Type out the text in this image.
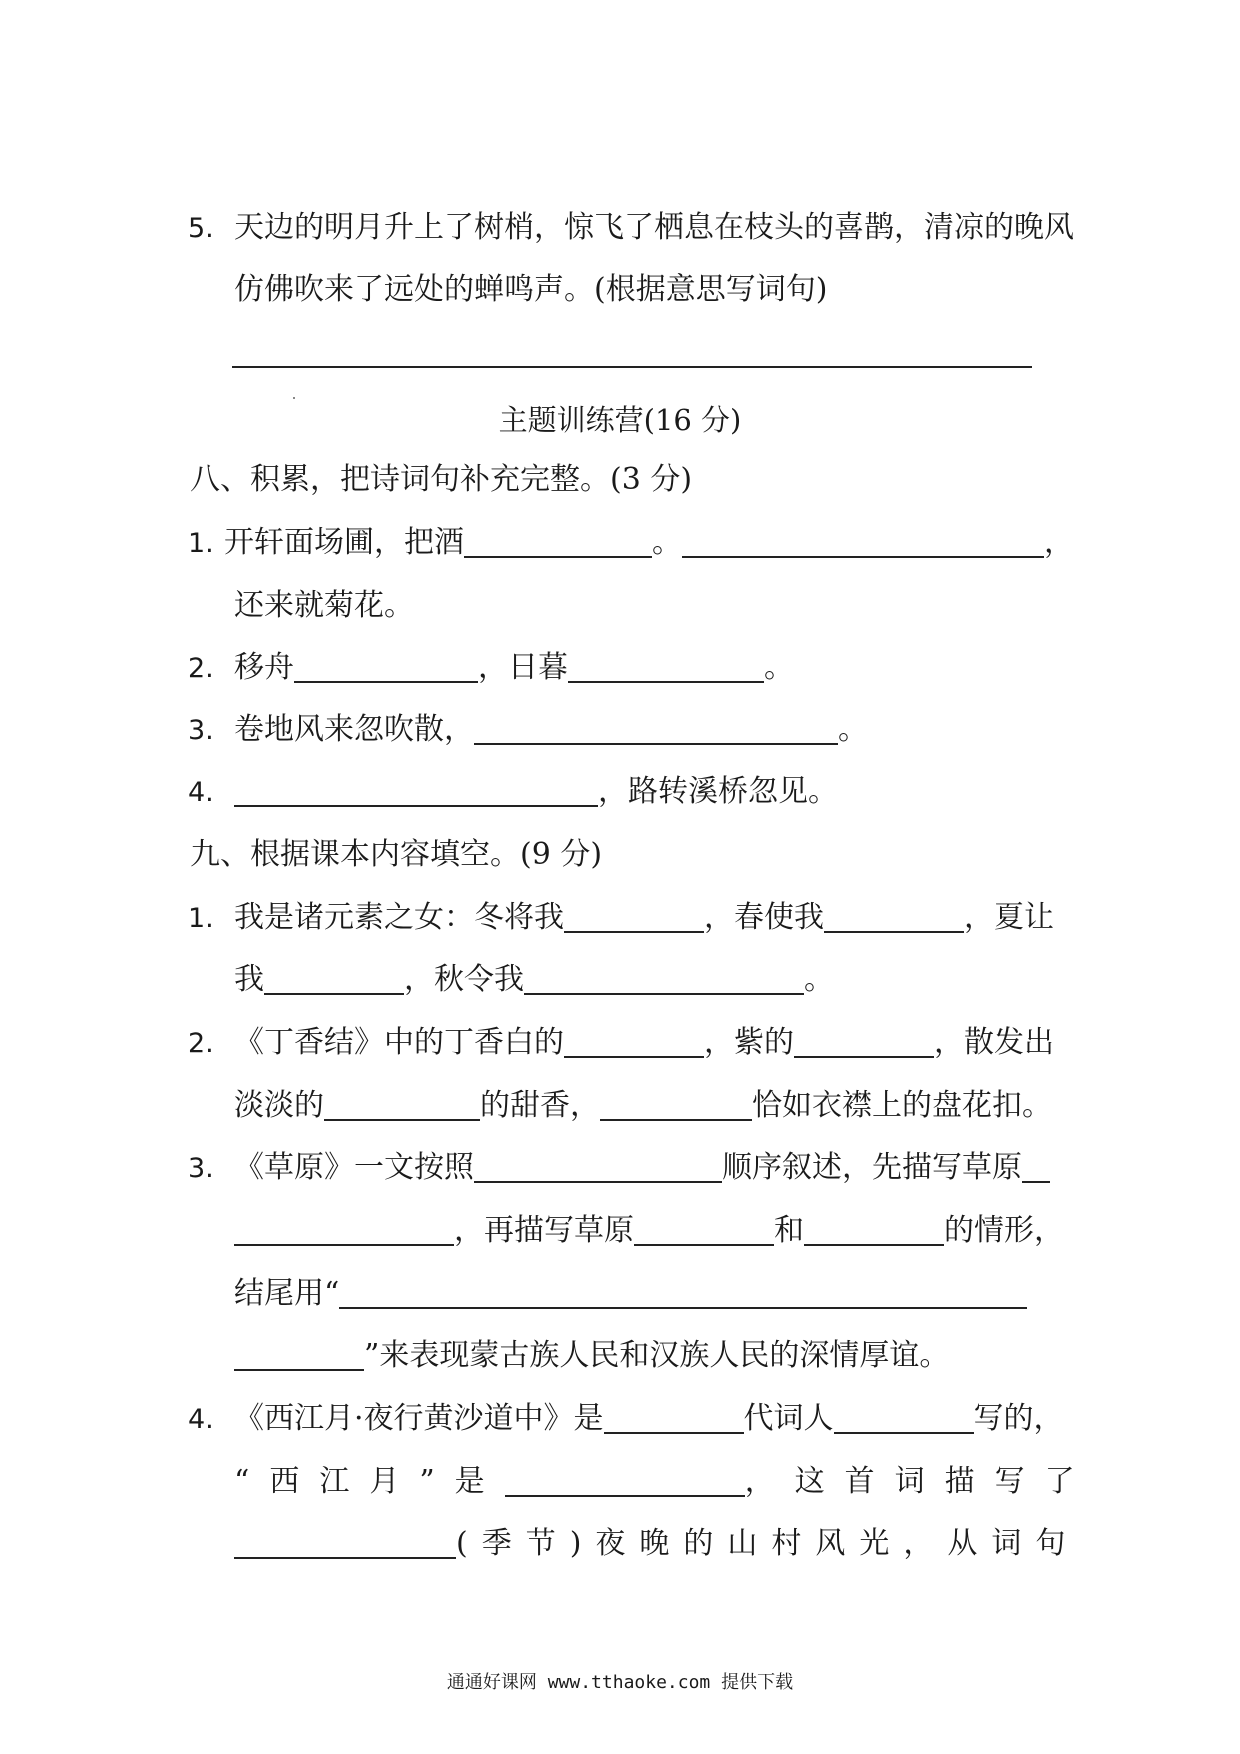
5. 天边的明月升上了树梢，惊飞了栖息在枝头的喜鹊，清凉的晚风
仿佛吹来了远处的蝉鸣声。(根据意思写词句)
主题训练营(16 分)
八、积累，把诗词句补充完整。(3 分)
1. 开轩面场圃，把酒	。	，
还来就菊花。
2. 移舟	，日暮	。
3. 卷地风来忽吹散，	。
4.	，路转溪桥忽见。
九、根据课本内容填空。(9 分)
1. 我是诸元素之女：冬将我	，春使我	，夏让
我	，秋令我	。
2. 《丁香结》中的丁香白的	，紫的	，散发出
淡淡的	的甜香，	恰如衣襟上的盘花扣。
3. 《草原》一文按照	顺序叙述，先描写草原
，再描写草原	和	的情形，
结尾用“
”来表现蒙古族人民和汉族人民的深情厚谊。
4. 《西江月·夜行黄沙道中》是	代词人	写的，
“西江月”是	，这首词描写了
(季节)夜晚的山村风光，从词句
通通好课网 www.tthaoke.com 提供下载
